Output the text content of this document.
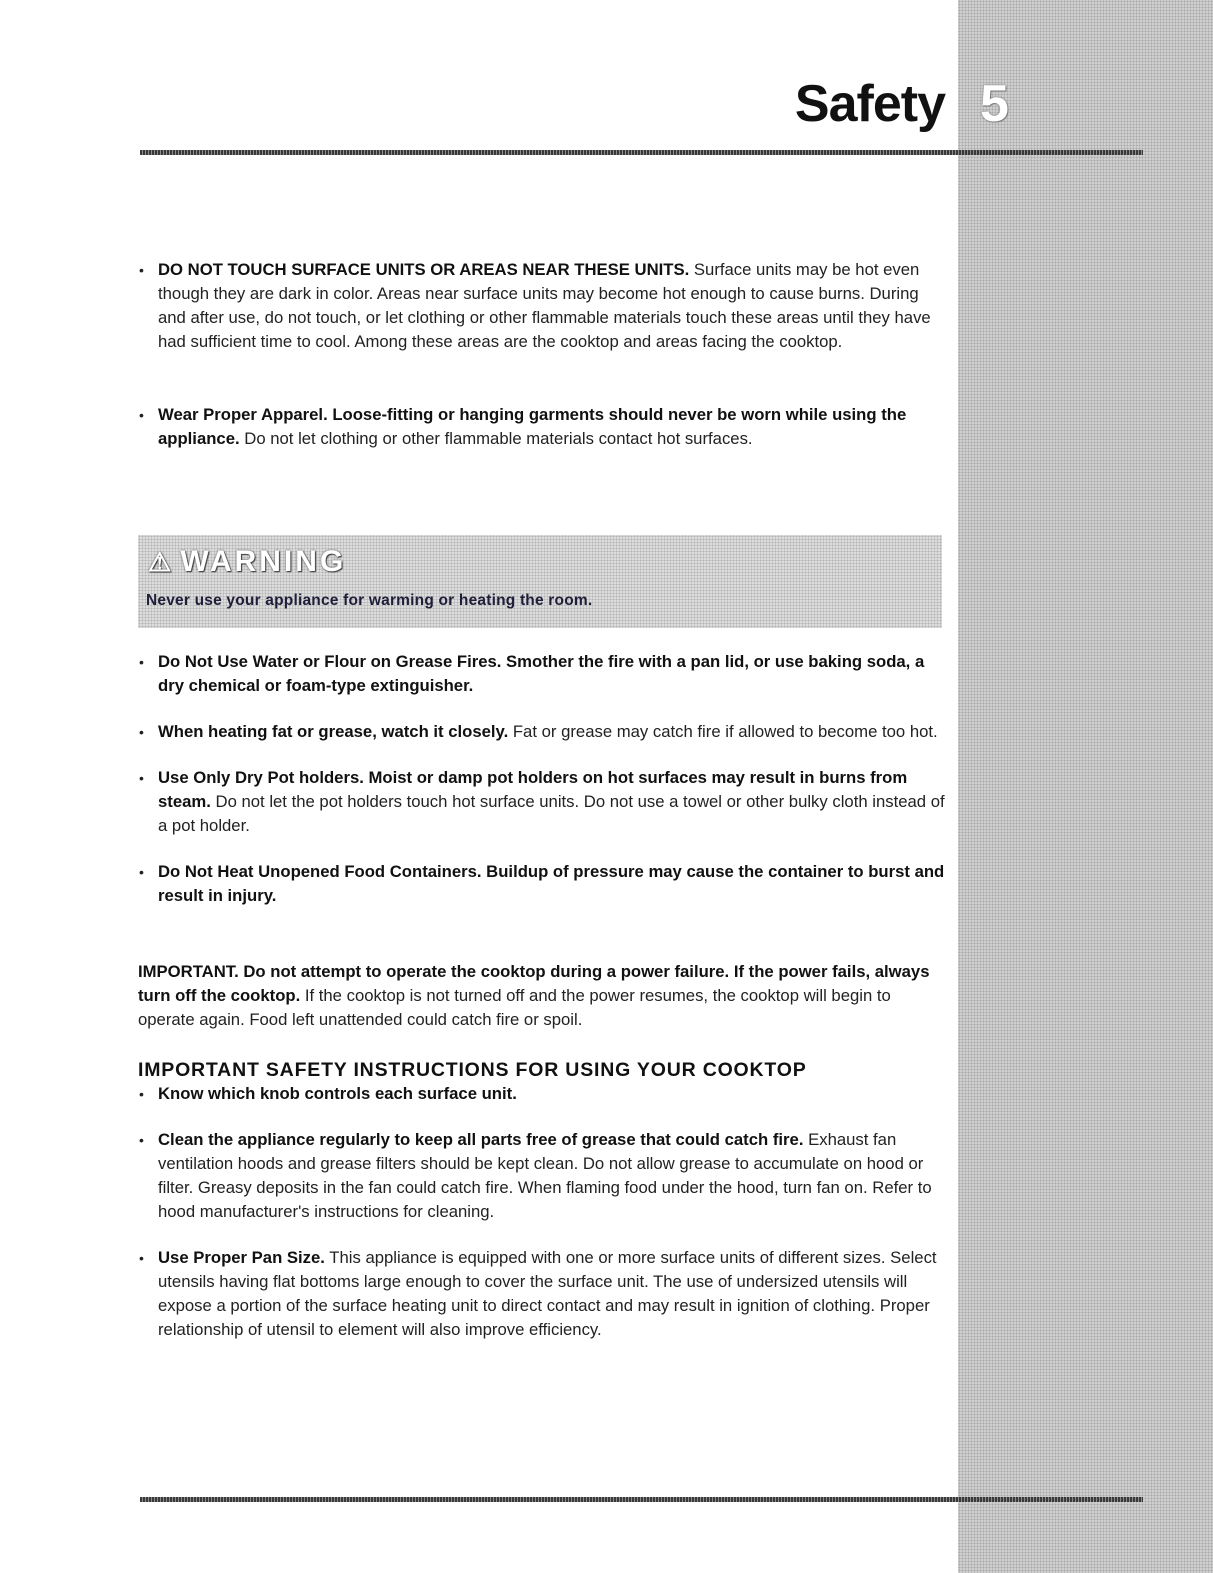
Safety 5
• DO NOT TOUCH SURFACE UNITS OR AREAS NEAR THESE UNITS. Surface units may be hot even though they are dark in color. Areas near surface units may become hot enough to cause burns. During and after use, do not touch, or let clothing or other flammable materials touch these areas until they have had sufficient time to cool. Among these areas are the cooktop and areas facing the cooktop.
• Wear Proper Apparel. Loose-fitting or hanging garments should never be worn while using the appliance. Do not let clothing or other flammable materials contact hot surfaces.
⚠ WARNING
Never use your appliance for warming or heating the room.
• Do Not Use Water or Flour on Grease Fires. Smother the fire with a pan lid, or use baking soda, a dry chemical or foam-type extinguisher.
• When heating fat or grease, watch it closely. Fat or grease may catch fire if allowed to become too hot.
• Use Only Dry Pot holders. Moist or damp pot holders on hot surfaces may result in burns from steam. Do not let the pot holders touch hot surface units. Do not use a towel or other bulky cloth instead of a pot holder.
• Do Not Heat Unopened Food Containers. Buildup of pressure may cause the container to burst and result in injury.
IMPORTANT. Do not attempt to operate the cooktop during a power failure. If the power fails, always turn off the cooktop. If the cooktop is not turned off and the power resumes, the cooktop will begin to operate again. Food left unattended could catch fire or spoil.
IMPORTANT SAFETY INSTRUCTIONS FOR USING YOUR COOKTOP
• Know which knob controls each surface unit.
• Clean the appliance regularly to keep all parts free of grease that could catch fire. Exhaust fan ventilation hoods and grease filters should be kept clean. Do not allow grease to accumulate on hood or filter. Greasy deposits in the fan could catch fire. When flaming food under the hood, turn fan on. Refer to hood manufacturer's instructions for cleaning.
• Use Proper Pan Size. This appliance is equipped with one or more surface units of different sizes. Select utensils having flat bottoms large enough to cover the surface unit. The use of undersized utensils will expose a portion of the surface heating unit to direct contact and may result in ignition of clothing. Proper relationship of utensil to element will also improve efficiency.
